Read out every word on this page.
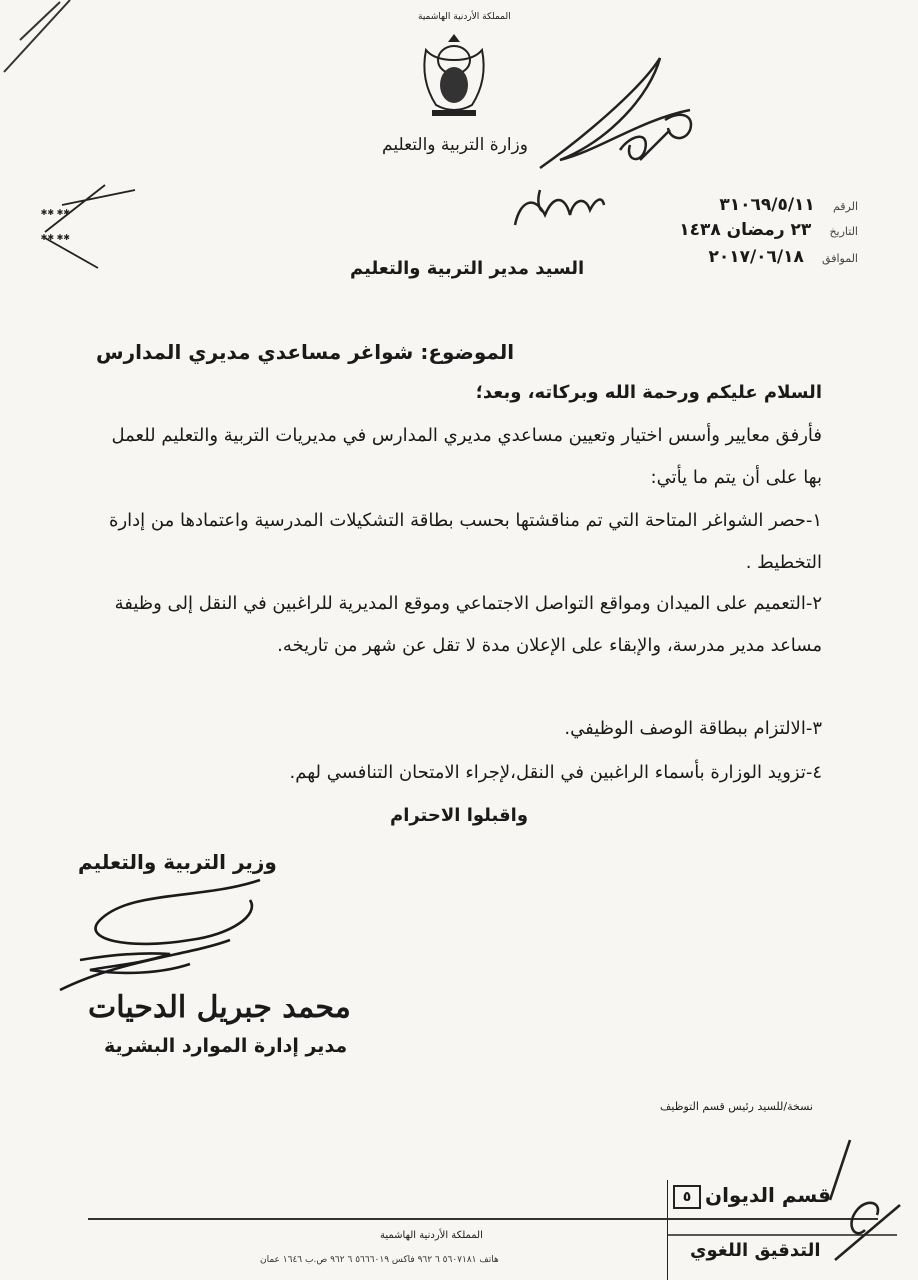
المملكة الأردنية الهاشمية
وزارة التربية والتعليم
الرقم ٣١٠٦٩/٥/١١
التاريخ ٢٣ رمضان ١٤٣٨
الموافق ٢٠١٧/٠٦/١٨
السيد مدير التربية والتعليم
الموضوع: شواغر مساعدي مديري المدارس
السلام عليكم ورحمة الله وبركاته، وبعد؛
فأرفق معايير وأسس اختيار وتعيين مساعدي مديري المدارس في مديريات التربية والتعليم للعمل بها على أن يتم ما يأتي:
١-حصر الشواغر المتاحة التي تم مناقشتها بحسب بطاقة التشكيلات المدرسية واعتمادها من إدارة التخطيط .
٢-التعميم على الميدان ومواقع التواصل الاجتماعي وموقع المديرية للراغبين في النقل إلى وظيفة مساعد مدير مدرسة، والإبقاء على الإعلان مدة لا تقل عن شهر من تاريخه.
٣-الالتزام ببطاقة الوصف الوظيفي.
٤-تزويد الوزارة بأسماء الراغبين في النقل،لإجراء الامتحان التنافسي لهم.
واقبلوا الاحترام
وزير التربية والتعليم
محمد جبريل الدحيات
مدير إدارة الموارد البشرية
نسخة/للسيد رئيس قسم التوظيف
٥ قسم الديوان
التدقيق اللغوي
المملكة الأردنية الهاشمية
هاتف ٥٦٠٧١٨١ ٦ ٩٦٢ فاكس ٥٦٦٦٠١٩ ٦ ٩٦٢ ص.ب ١٦٤٦ عمان
✱✱ ✱✱
✱✱ ✱✱
